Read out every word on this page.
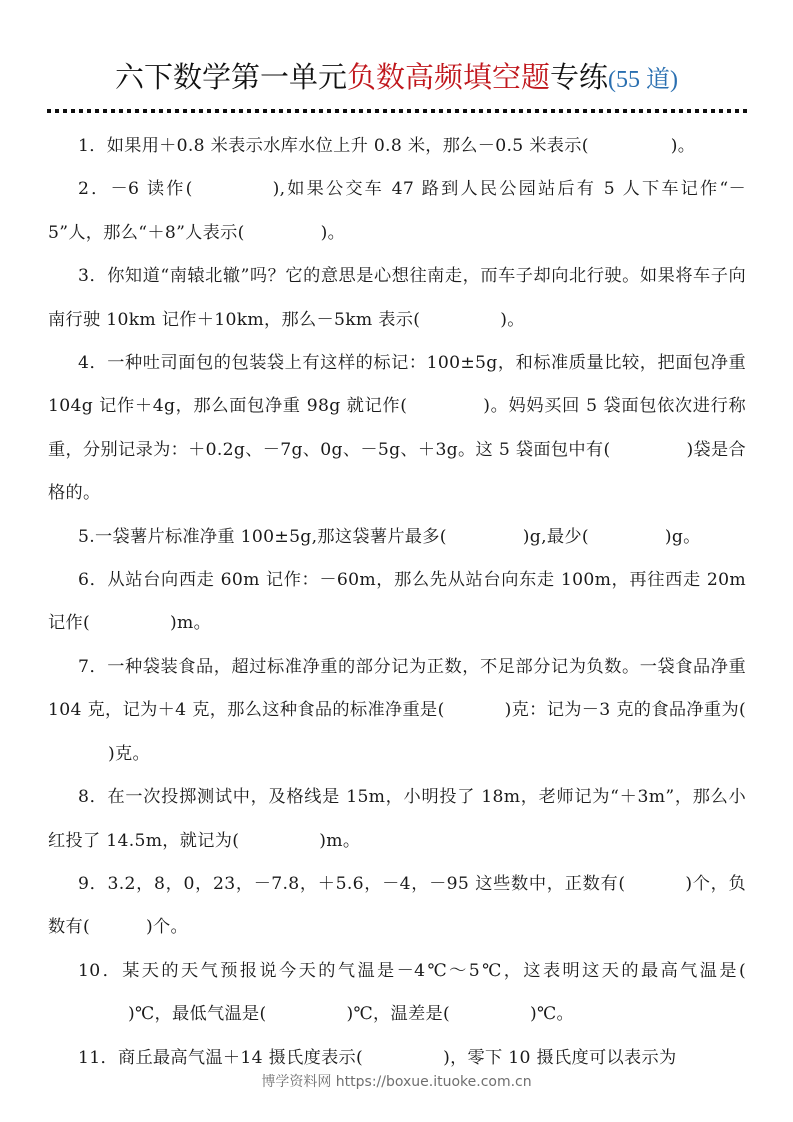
六下数学第一单元负数高频填空题专练(55 道)

1．如果用＋0.8 米表示水库水位上升 0.8 米，那么－0.5 米表示(	)。

2．－6 读作(	),如果公交车 47 路到人民公园站后有 5 人下车记作“－5”人，那么“＋8”人表示(	)。

3．你知道“南辕北辙”吗？它的意思是心想往南走，而车子却向北行驶。如果将车子向南行驶 10km 记作＋10km，那么－5km 表示(	)。

4．一种吐司面包的包装袋上有这样的标记：100±5g，和标准质量比较，把面包净重 104g 记作＋4g，那么面包净重 98g 就记作(	)。妈妈买回 5 袋面包依次进行称重，分别记录为：＋0.2g、－7g、0g、－5g、＋3g。这 5 袋面包中有(	)袋是合格的。

5.一袋薯片标准净重 100±5g,那这袋薯片最多(	)g,最少(	)g。

6．从站台向西走 60m 记作：－60m，那么先从站台向东走 100m，再往西走 20m 记作(	)m。

7．一种袋装食品，超过标准净重的部分记为正数，不足部分记为负数。一袋食品净重 104 克，记为＋4 克，那么这种食品的标准净重是(	)克：记为－3 克的食品净重为()克。

8．在一次投掷测试中，及格线是 15m，小明投了 18m，老师记为“＋3m”，那么小红投了 14.5m，就记为(	)m。

9．3.2，8，0，23，－7.8，＋5.6，－4，－95 这些数中，正数有(	)个，负数有(	)个。

10．某天的天气预报说今天的气温是－4℃～5℃，这表明这天的最高气温是()℃，最低气温是(	)℃，温差是(	)℃。

11．商丘最高气温＋14 摄氏度表示(	)，零下 10 摄氏度可以表示为

博学资料网 https://boxue.ituoke.com.cn
